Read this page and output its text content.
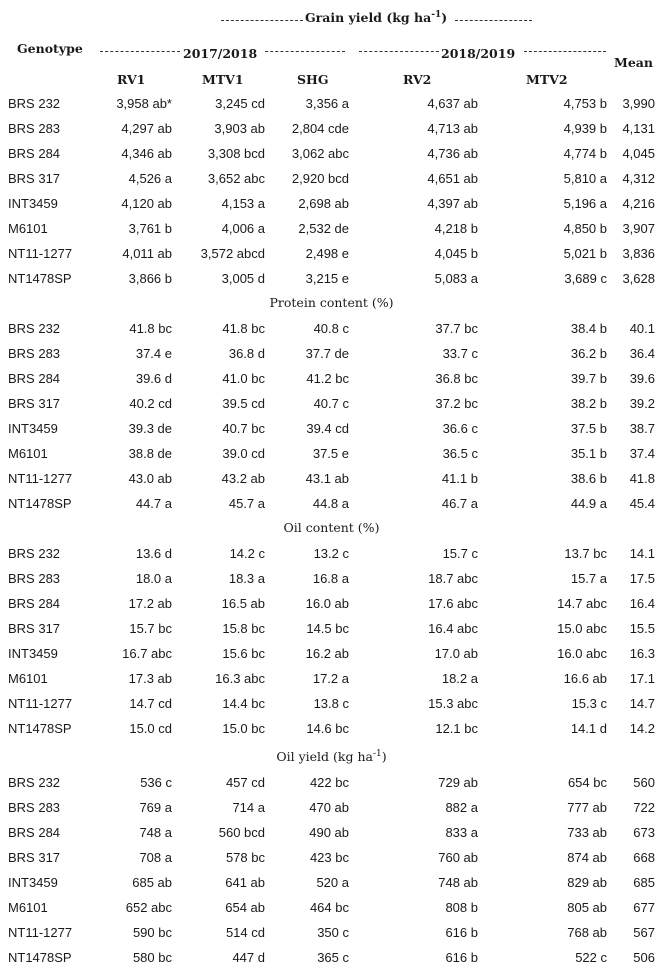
Grain yield (kg $ha^{-1}$)
Genotype	2017/2018	2018/2019
Mean
RV1	MTV1	SHG	RV2	MTV2
BRS 232	3,958 ab*	3,245 cd	3,356 a	4,637 ab	4,753 b 3,990
BRS 283	4,297 ab	3,903 ab 2,804 cde	4,713 ab	4,939 b 4,131
BRS 284	4,346 ab	3,308 bcd 3,062 abc	4,736 ab	4,774 b 4,045
BRS 317	4,526 a	3,652 abc 2,920 bcd	4,651 ab	5,810 a 4,312
INT3459	4,120 ab	4,153 a	2,698 ab	4,397 ab	5,196 a 4,216
M6101	3,761 b	4,006 a	2,532 de	4,218 b	4,850 b 3,907
NT11-1277	4,011 ab 3,572 abcd	2,498 e	4,045 b	5,021 b 3,836
NT1478SP	3,866 b	3,005 d	3,215 e	5,083 a	3,689 c 3,628
Protein content (%)
BRS 232	41.8 bc	41.8 bc	40.8 c	37.7 bc	38.4 b 40.1
BRS 283	37.4 e	36.8 d	37.7 de	33.7 c	36.2 b 36.4
BRS 284	39.6 d	41.0 bc	41.2 bc	36.8 bc	39.7 b 39.6
BRS 317	40.2 cd	39.5 cd	40.7 c	37.2 bc	38.2 b 39.2
INT3459	39.3 de	40.7 bc	39.4 cd	36.6 c	37.5 b 38.7
M6101	38.8 de	39.0 cd	37.5 e	36.5 c	35.1 b 37.4
NT11-1277	43.0 ab	43.2 ab	43.1 ab	41.1 b	38.6 b 41.8
NT1478SP	44.7 a	45.7 a	44.8 a	46.7 a	44.9 a 45.4
Oil content (%)
BRS 232	13.6 d	14.2 c	13.2 c	15.7 c	13.7 bc 14.1
BRS 283	18.0 a	18.3 a	16.8 a	18.7 abc	15.7 a 17.5
BRS 284	17.2 ab	16.5 ab	16.0 ab	17.6 abc	14.7 abc 16.4
BRS 317	15.7 bc	15.8 bc	14.5 bc	16.4 abc	15.0 abc 15.5
INT3459	16.7 abc	15.6 bc	16.2 ab	17.0 ab	16.0 abc 16.3
M6101	17.3 ab	16.3 abc	17.2 a	18.2 a	16.6 ab 17.1
NT11-1277	14.7 cd	14.4 bc	13.8 c	15.3 abc	15.3 c 14.7
NT1478SP	15.0 cd	15.0 bc	14.6 bc	12.1 bc	14.1 d 14.2
Oil yield (kg $ha^{-1}$)
BRS 232	536 c	457 cd	422 bc	729 ab	654 bc 560
BRS 283	769 a	714 a	470 ab	882 a	777 ab 722
BRS 284	748 a	560 bcd	490 ab	833 a	733 ab 673
BRS 317	708 a	578 bc	423 bc	760 ab	874 ab 668
INT3459	685 ab	641 ab	520 a	748 ab	829 ab 685
M6101	652 abc	654 ab	464 bc	808 b	805 ab 677
NT11-1277	590 bc	514 cd	350 c	616 b	768 ab 567
NT1478SP	580 bc	447 d	365 c	616 b	522 c 506
